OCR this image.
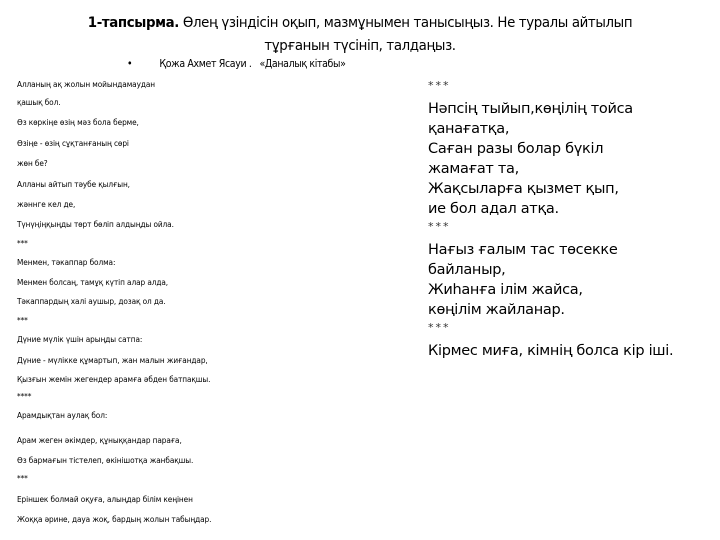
1-тапсырма. Өлең үзіндісін оқып, мазмұнымен танысыңыз. Не туралы айтылып тұрғанын түсініп, талдаңыз.
•	Қожа Ахмет Ясауи . «Даналық кітабы»
Алланың ақ жолын мойындамаудан
қашық бол.
Өз көркіңе өзің мәз бола берме,
Өзіңе - өзің сұқтанғаның сөрі
жөн бе?
Алланы айтып тәубе қылғын,
жәннге кел де,
Түнүңіңқыңды төрт бөліп алдыңды ойла.
***
Менмен, тәкаппар болма:
Менмен болсаң, тамұқ күтіп алар алда,
Тәкаппардың халі аушыр, дозақ ол да.
***
Дүние мүлік үшін арыңды сатпа:
Дүние - мүлікке құмартып, жан малын жиғандар,
Қызғын жемін жегендер арамға әбден батпақшы.
****
Арамдықтан аулақ бол:
Арам жеген әкімдер, құныққандар параға,
Өз бармағын тістелеп, өкінішотқа жанбақшы.
***
Еріншек болмай оқуға, алыңдар білім кеңінен
Жоққа әрине, дауа жоқ, бардың жолын табыңдар.
***
Нәпсің тыйып,көңілің тойса
қанағатқа,
Саған разы болар бүкіл
жамағат та,
Жақсыларға қызмет қып,
ие бол адал атқа.
***
Нағыз ғалым тас төсекке
байланыр,
Жиһанға ілім жайса,
көңілім жайланар.
***
Кірмес миға, кімнің болса кір іші.
